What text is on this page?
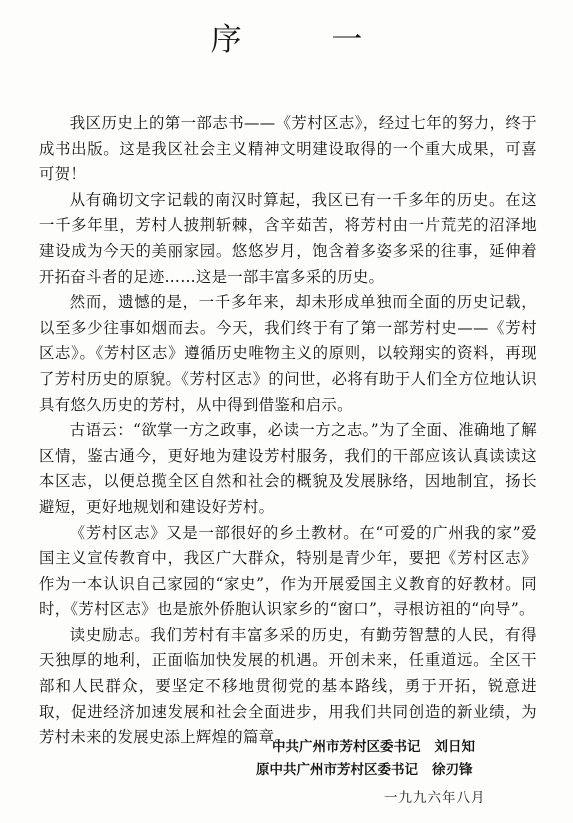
序 一

我区历史上的第一部志书——《芳村区志》，经过七年的努力，终于成书出版。这是我区社会主义精神文明建设取得的一个重大成果，可喜可贺！

从有确切文字记载的南汉时算起，我区已有一千多年的历史。在这一千多年里，芳村人披荆斩棘，含辛茹苦，将芳村由一片荒芜的沼泽地建设成为今天的美丽家园。悠悠岁月，饱含着多姿多采的往事，延伸着开拓奋斗者的足迹……这是一部丰富多采的历史。

然而，遗憾的是，一千多年来，却未形成单独而全面的历史记载，以至多少往事如烟而去。今天，我们终于有了第一部芳村史——《芳村区志》。《芳村区志》遵循历史唯物主义的原则，以较翔实的资料，再现了芳村历史的原貌。《芳村区志》的问世，必将有助于人们全方位地认识具有悠久历史的芳村，从中得到借鉴和启示。

古语云：“欲掌一方之政事，必读一方之志。”为了全面、准确地了解区情，鉴古通今，更好地为建设芳村服务，我们的干部应该认真读读这本区志，以便总揽全区自然和社会的概貌及发展脉络，因地制宜，扬长避短，更好地规划和建设好芳村。

《芳村区志》又是一部很好的乡土教材。在“可爱的广州我的家”爱国主义宣传教育中，我区广大群众，特别是青少年，要把《芳村区志》作为一本认识自己家园的“家史”，作为开展爱国主义教育的好教材。同时，《芳村区志》也是旅外侨胞认识家乡的“窗口”，寻根访祖的“向导”。

读史励志。我们芳村有丰富多采的历史，有勤劳智慧的人民，有得天独厚的地利，正面临加快发展的机遇。开创未来，任重道远。全区干部和人民群众，要坚定不移地贯彻党的基本路线，勇于开拓，锐意进取，促进经济加速发展和社会全面进步，用我们共同创造的新业绩，为芳村未来的发展史添上辉煌的篇章。

中共广州市芳村区委书记 刘日知
原中共广州市芳村区委书记 徐刃锋
一九九六年八月
